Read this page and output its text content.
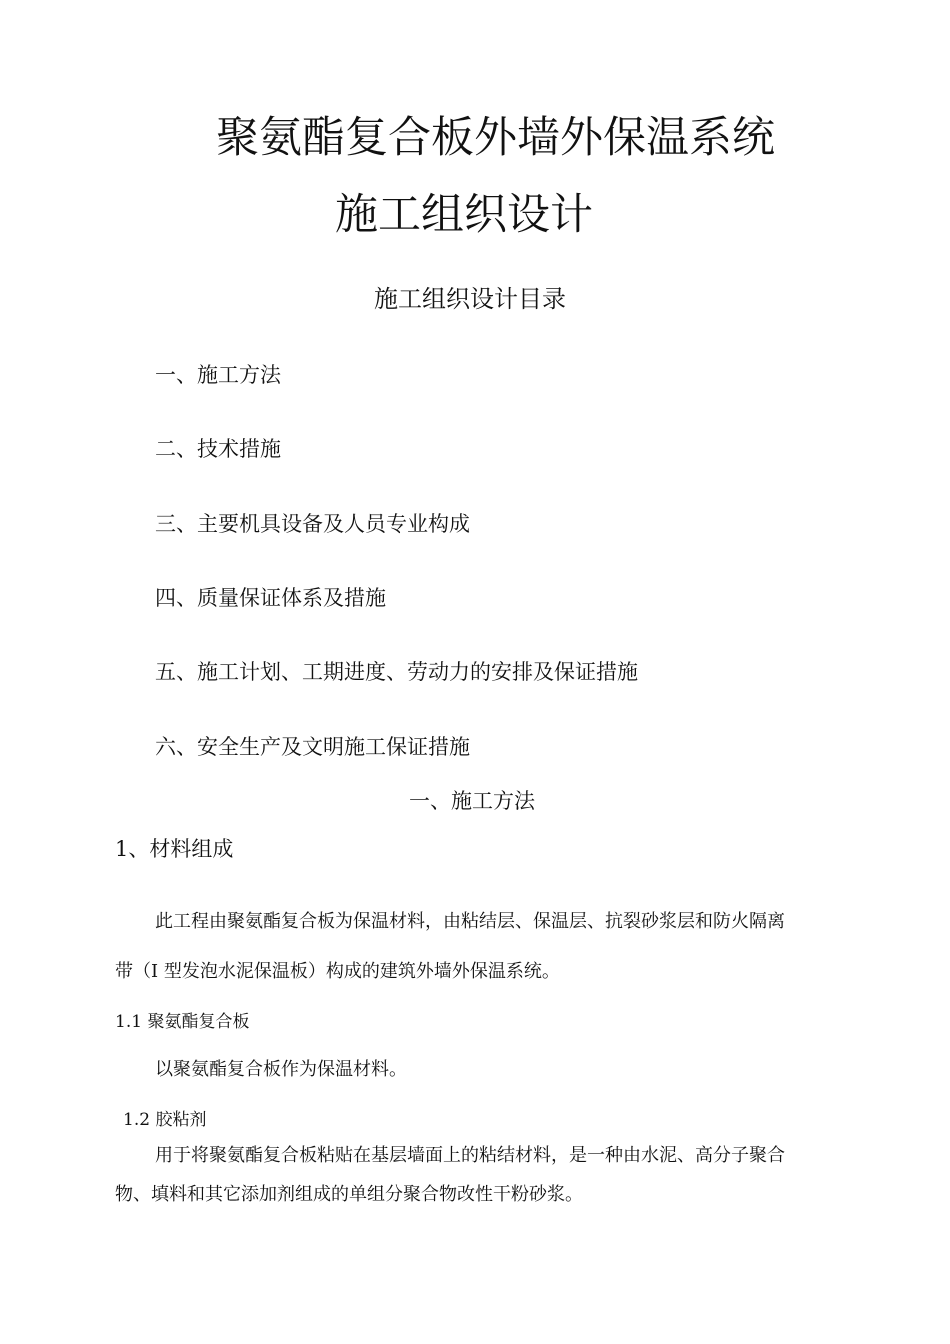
聚氨酯复合板外墙外保温系统
施工组织设计
施工组织设计目录
一、施工方法
二、技术措施
三、主要机具设备及人员专业构成
四、质量保证体系及措施
五、施工计划、工期进度、劳动力的安排及保证措施
六、安全生产及文明施工保证措施
一、施工方法
1、材料组成
此工程由聚氨酯复合板为保温材料，由粘结层、保温层、抗裂砂浆层和防火隔离
带（I 型发泡水泥保温板）构成的建筑外墙外保温系统。
1.1 聚氨酯复合板
以聚氨酯复合板作为保温材料。
1.2 胶粘剂
用于将聚氨酯复合板粘贴在基层墙面上的粘结材料，是一种由水泥、高分子聚合
物、填料和其它添加剂组成的单组分聚合物改性干粉砂浆。
